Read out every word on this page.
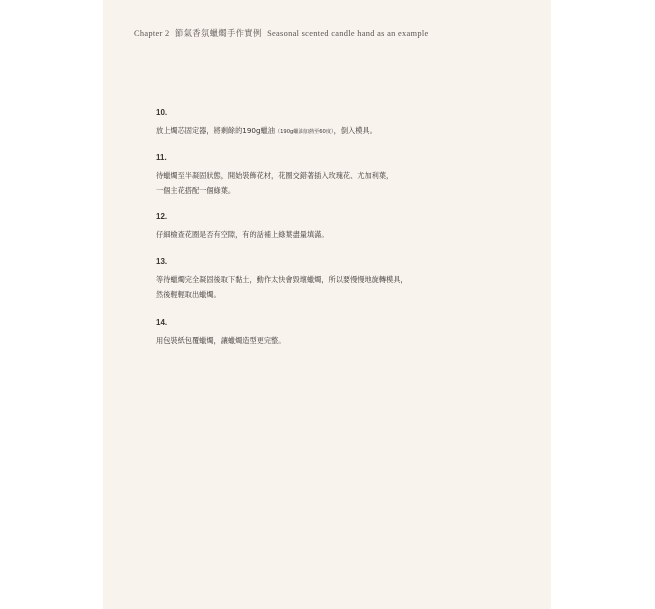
Chapter 2 節氣香氛蠟燭手作實例 Seasonal scented candle hand as an example
10.
放上燭芯固定器，將剩餘的190g蠟油（190g蠟油加熱至60度），倒入模具。
11.
待蠟燭至半凝固狀態，開始裝飾花材，花圈交錯著插入玫瑰花、尤加利葉，
一個主花搭配一個綠葉。
12.
仔細檢查花圈是否有空隙，有的話補上綠葉盡量填滿。
13.
等待蠟燭完全凝固後取下黏土，動作太快會毀壞蠟燭，所以要慢慢地旋轉模具，
然後輕輕取出蠟燭。
14.
用包裝紙包覆蠟燭，讓蠟燭造型更完整。
